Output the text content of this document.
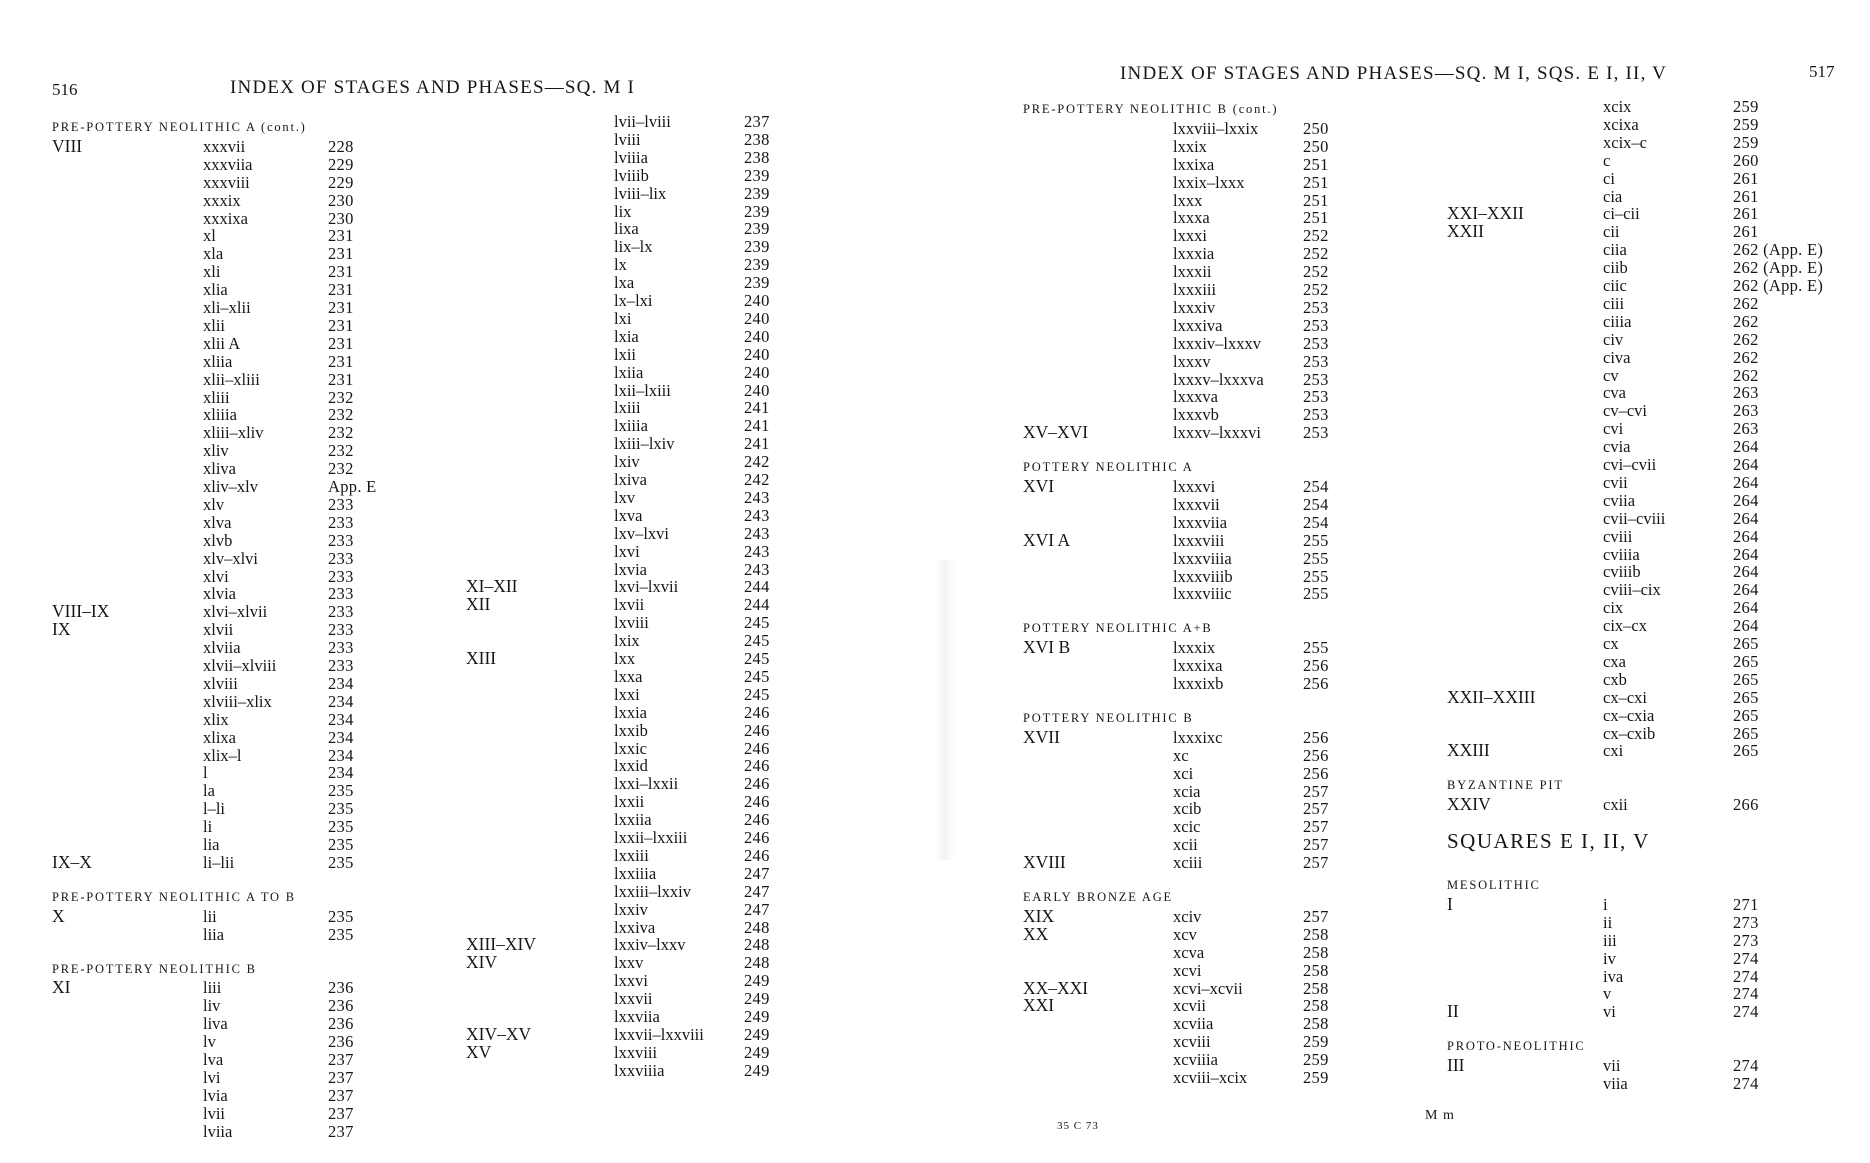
516	INDEX OF STAGES AND PHASES—SQ. M I
PRE-POTTERY NEOLITHIC A (cont.)
VIII	xxxvii	228
xxxviia	229
xxxviii	229
xxxix	230
xxxixa	230
xl	231
xla	231
xli	231
xlia	231
xli–xlii	231
xlii	231
xlii A	231
xliia	231
xlii–xliii	231
xliii	232
xliiia	232
xliii–xliv	232
xliv	232
xliva	232
xliv–xlv	App. E
xlv	233
xlva	233
xlvb	233
xlv–xlvi	233
xlvi	233
xlvia	233
VIII–IX	xlvi–xlvii	233
IX	xlvii	233
xlviia	233
xlvii–xlviii	233
xlviii	234
xlviii–xlix	234
xlix	234
xlixa	234
xlix–l	234
l	234
la	235
l–li	235
li	235
lia	235
IX–X	li–lii	235
PRE-POTTERY NEOLITHIC A TO B
X	lii	235
liia	235
PRE-POTTERY NEOLITHIC B
XI	liii	236
liv	236
liva	236
lv	236
lva	237
lvi	237
lvia	237
lvii	237
lviia	237
lvii–lviii	237
lviii	238
lviiia	238
lviiib	239
lviii–lix	239
lix	239
lixa	239
lix–lx	239
lx	239
lxa	239
lx–lxi	240
lxi	240
lxia	240
lxii	240
lxiia	240
lxii–lxiii	240
lxiii	241
lxiiia	241
lxiii–lxiv	241
lxiv	242
lxiva	242
lxv	243
lxva	243
lxv–lxvi	243
lxvi	243
lxvia	243
XI–XII	lxvi–lxvii	244
XII	lxvii	244
lxviii	245
lxix	245
XIII	lxx	245
lxxa	245
lxxi	245
lxxia	246
lxxib	246
lxxic	246
lxxid	246
lxxi–lxxii	246
lxxii	246
lxxiia	246
lxxii–lxxiii	246
lxxiii	246
lxxiiia	247
lxxiii–lxxiv	247
lxxiv	247
lxxiva	248
XIII–XIV	lxxiv–lxxv	248
XIV	lxxv	248
lxxvi	249
lxxvii	249
lxxviia	249
XIV–XV	lxxvii–lxxviii 249
XV	lxxviii	249
lxxviiia	249
INDEX OF STAGES AND PHASES—SQ. M I, SQS. E I, II, V	517
PRE-POTTERY NEOLITHIC B (cont.)
lxxviii–lxxix	250
lxxix	250
lxxixa	251
lxxix–lxxx	251
lxxx	251
lxxxa	251
lxxxi	252
lxxxia	252
lxxxii	252
lxxxiii	252
lxxxiv	253
lxxxiva	253
lxxxiv–lxxxv	253
lxxxv	253
lxxxv–lxxxva 253
lxxxva	253
lxxxvb	253
XV–XVI	lxxxv–lxxxvi	253
POTTERY NEOLITHIC A
XVI	lxxxvi	254
lxxxvii	254
lxxxviia	254
XVI A	lxxxviii	255
lxxxviiia	255
lxxxviiib	255
lxxxviiic	255
POTTERY NEOLITHIC A+B
XVI B	lxxxix	255
lxxxixa	256
lxxxixb	256
POTTERY NEOLITHIC B
XVII	lxxxixc	256
xc	256
xci	256
xcia	257
xcib	257
xcic	257
xcii	257
XVIII	xciii	257
EARLY BRONZE AGE
XIX	xciv	257
XX	xcv	258
xcva	258
xcvi	258
XX–XXI	xcvi–xcvii	258
XXI	xcvii	258
xcviia	258
xcviii	259
xcviiia	259
xcviii–xcix	259
xcix	259
xcixa	259
xcix–c	259
c	260
ci	261
cia	261
XXI–XXII	ci–cii	261
XXII	cii	261
ciia	262 (App. E)
ciib	262 (App. E)
ciic	262 (App. E)
ciii	262
ciiia	262
civ	262
civa	262
cv	262
cva	263
cv–cvi	263
cvi	263
cvia	264
cvi–cvii	264
cvii	264
cviia	264
cvii–cviii	264
cviii	264
cviiia	264
cviiib	264
cviii–cix	264
cix	264
cix–cx	264
cx	265
cxa	265
cxb	265
XXII–XXIII	cx–cxi	265
cx–cxia	265
cx–cxib	265
XXIII	cxi	265
BYZANTINE PIT
XXIV	cxii	266
SQUARES E I, II, V
MESOLITHIC
I	i	271
ii	273
iii	273
iv	274
iva	274
v	274
II	vi	274
PROTO-NEOLITHIC
III	vii	274
viia	274
35 C 73
M m
